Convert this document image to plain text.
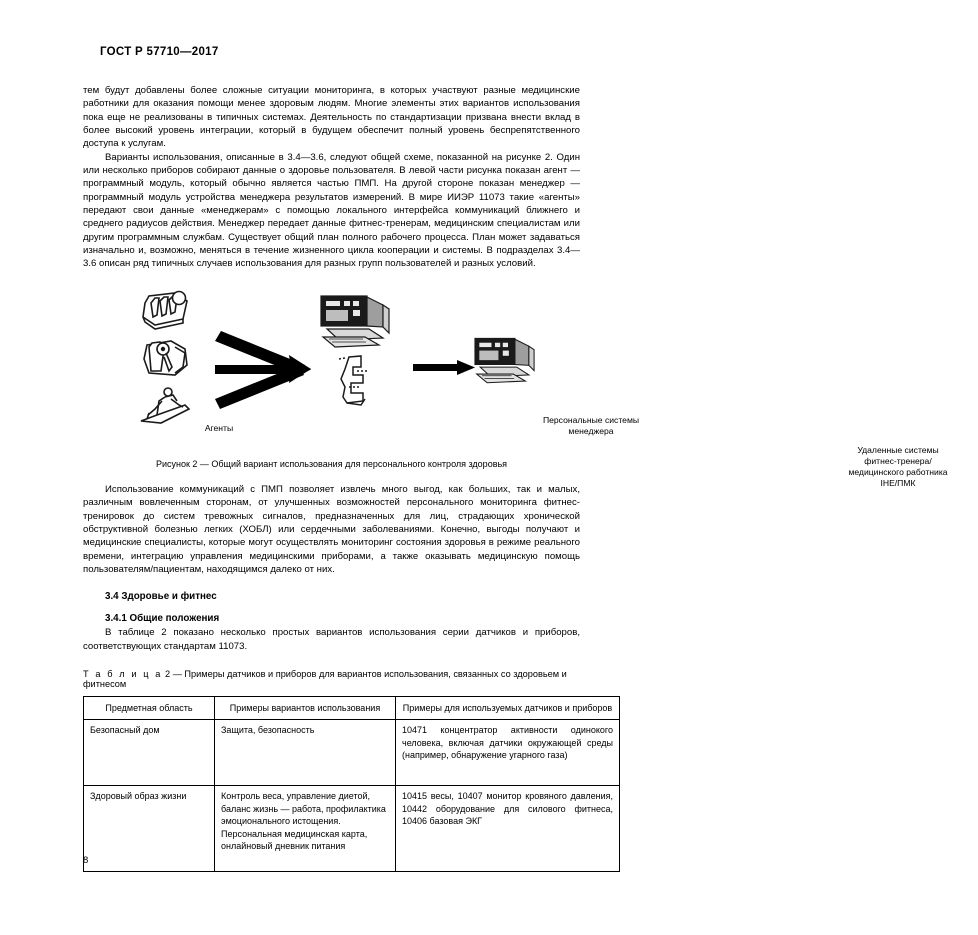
ГОСТ Р 57710—2017

тем будут добавлены более сложные ситуации мониторинга, в которых участвуют разные медицинские работники для оказания помощи менее здоровым людям. Многие элементы этих вариантов использования пока еще не реализованы в типичных системах. Деятельность по стандартизации призвана внести вклад в более высокий уровень интеграции, который в будущем обеспечит полный уровень беспрепятственного доступа к услугам.

Варианты использования, описанные в 3.4—3.6, следуют общей схеме, показанной на рисунке 2. Один или несколько приборов собирают данные о здоровье пользователя. В левой части рисунка показан агент — программный модуль, который обычно является частью ПМП. На другой стороне показан менеджер — программный модуль устройства менеджера результатов измерений. В мире ИИЭР 11073 такие «агенты» передают свои данные «менеджерам» с помощью локального интерфейса коммуникаций ближнего и среднего радиусов действия. Менеджер передает данные фитнес-тренерам, медицинским специалистам или другим программным службам. Существует общий план полного рабочего процесса. План может задаваться изначально и, возможно, меняться в течение жизненного цикла кооперации и системы. В подразделах 3.4—3.6 описан ряд типичных случаев использования для разных групп пользователей и разных условий.

Агенты
Персональные системы
менеджера
Удаленные системы
фитнес-тренера/
медицинского работника
IHE/ПМК
Рисунок 2 — Общий вариант использования для персонального контроля здоровья

Использование коммуникаций с ПМП позволяет извлечь много выгод, как больших, так и малых, различным вовлеченным сторонам, от улучшенных возможностей персонального мониторинга фитнес-тренировок до систем тревожных сигналов, предназначенных для лиц, страдающих хронической обструктивной болезнью легких (ХОБЛ) или сердечными заболеваниями. Конечно, выгоды получают и медицинские специалисты, которые могут осуществлять мониторинг состояния здоровья в режиме реального времени, интеграцию управления медицинскими приборами, а также оказывать медицинскую помощь пользователям/пациентам, находящимся далеко от них.

3.4 Здоровье и фитнес
3.4.1 Общие положения

В таблице 2 показано несколько простых вариантов использования серии датчиков и приборов, соответствующих стандартам 11073.

Т а б л и ц а 2 — Примеры датчиков и приборов для вариантов использования, связанных со здоровьем и фитнесом
Предметная область	Примеры вариантов использования	Примеры для используемых датчиков и приборов
Безопасный дом	Защита, безопасность	10471 концентратор активности одинокого человека, включая датчики окружающей среды (например, обнаружение угарного газа)
Здоровый образ жизни	Контроль веса, управление диетой, баланс жизнь — работа, профилактика эмоционального истощения. Персональная медицинская карта, онлайновый дневник питания	10415 весы, 10407 монитор кровяного давления, 10442 оборудование для силового фитнеса, 10406 базовая ЭКГ
8
